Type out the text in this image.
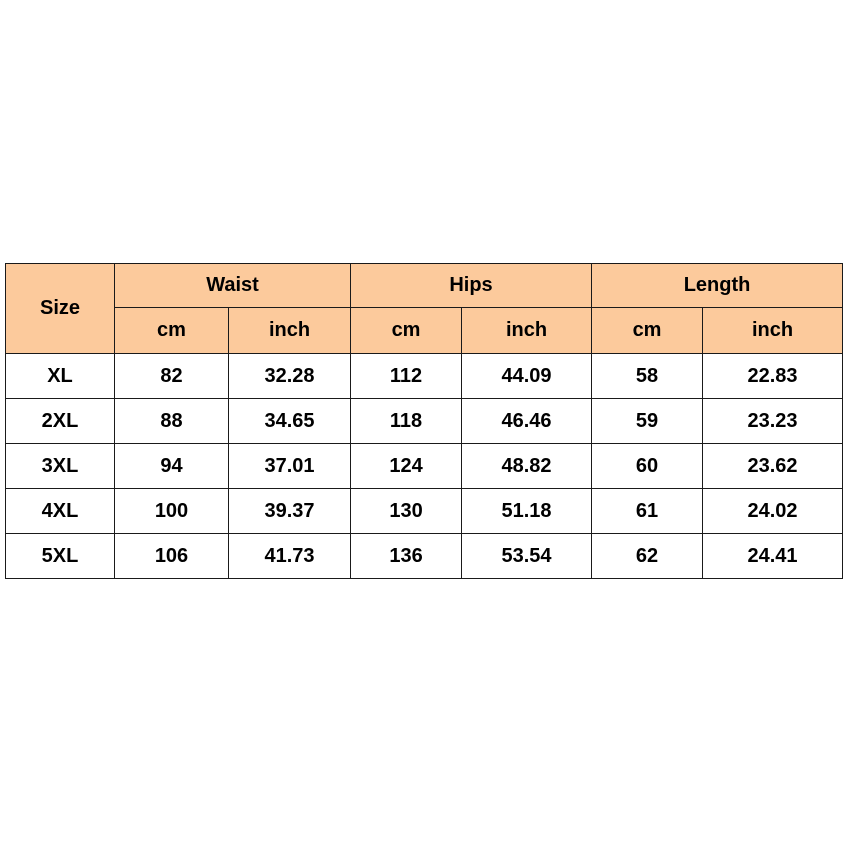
Size	Waist		Hips		Length	
	cm	inch	cm	inch	cm	inch
XL	82	32.28	112	44.09	58	22.83
2XL	88	34.65	118	46.46	59	23.23
3XL	94	37.01	124	48.82	60	23.62
4XL	100	39.37	130	51.18	61	24.02
5XL	106	41.73	136	53.54	62	24.41
